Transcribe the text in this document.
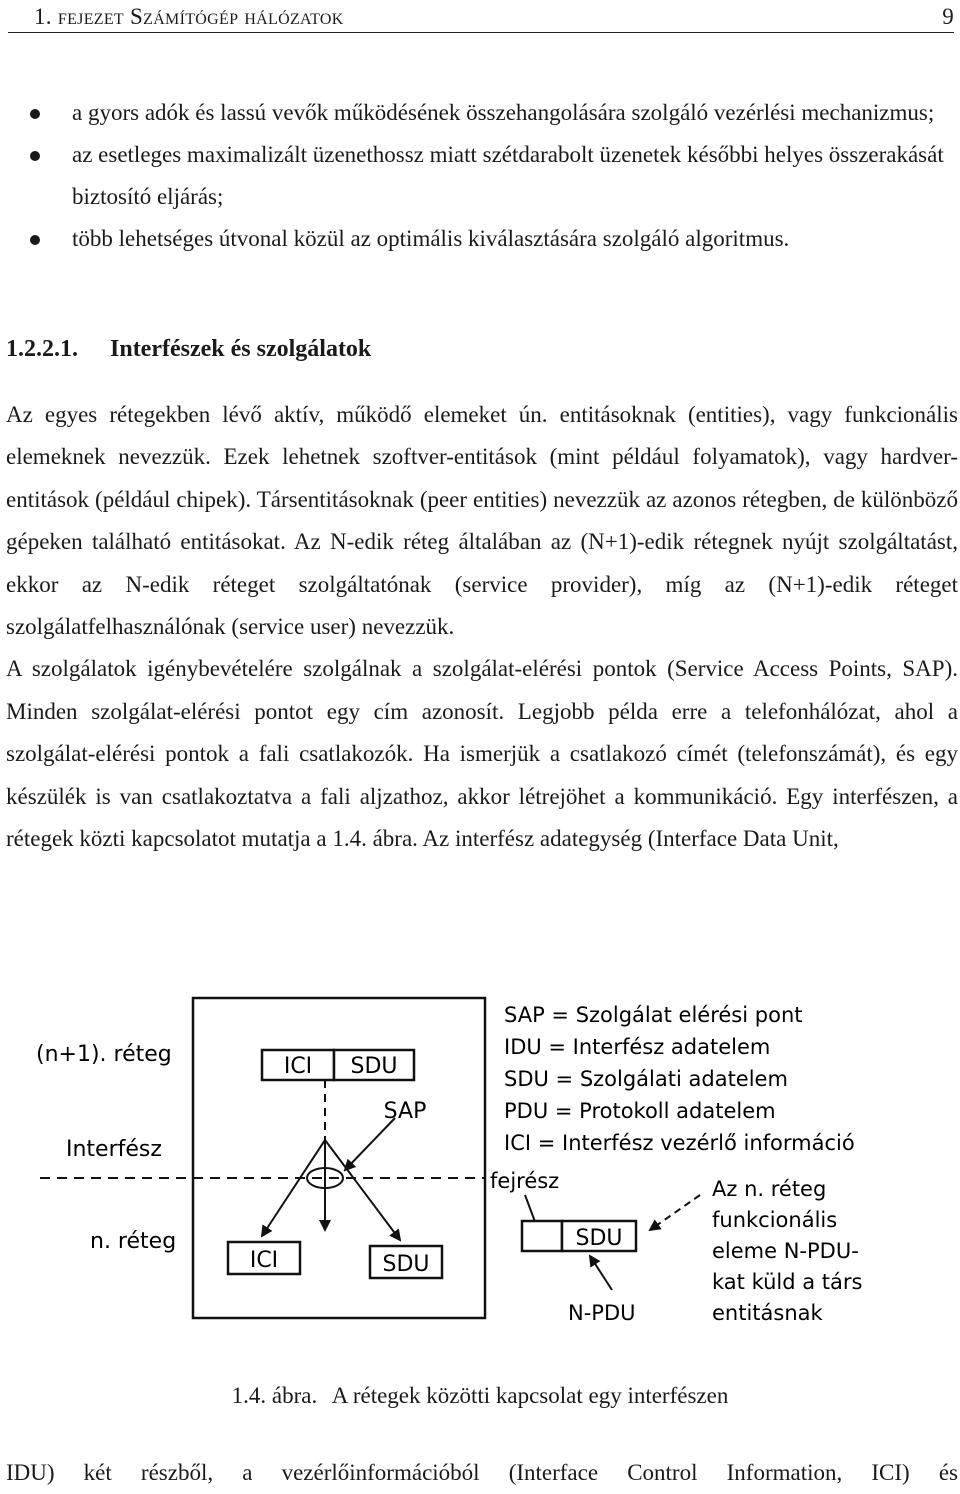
1. fejezet Számítógép hálózatok	9
a gyors adók és lassú vevők működésének összehangolására szolgáló vezérlési mechanizmus;
az esetleges maximalizált üzenethossz miatt szétdarabolt üzenetek későbbi helyes összerakását biztosító eljárás;
több lehetséges útvonal közül az optimális kiválasztására szolgáló algoritmus.
1.2.2.1. Interfészek és szolgálatok

Az egyes rétegekben lévő aktív, működő elemeket ún. entitásoknak (entities), vagy funkcionális elemeknek nevezzük. Ezek lehetnek szoftver-entitások (mint például folyamatok), vagy hardver-entitások (például chipek). Társentitásoknak (peer entities) nevezzük az azonos rétegben, de különböző gépeken található entitásokat. Az N-edik réteg általában az (N+1)-edik rétegnek nyújt szolgáltatást, ekkor az N-edik réteget szolgáltatónak (service provider), míg az (N+1)-edik réteget szolgálatfelhasználónak (service user) nevezzük.

A szolgálatok igénybevételére szolgálnak a szolgálat-elérési pontok (Service Access Points, SAP). Minden szolgálat-elérési pontot egy cím azonosít. Legjobb példa erre a telefonhálózat, ahol a szolgálat-elérési pontok a fali csatlakozók. Ha ismerjük a csatlakozó címét (telefonszámát), és egy készülék is van csatlakoztatva a fali aljzathoz, akkor létrejöhet a kommunikáció. Egy interfészen, a rétegek közti kapcsolatot mutatja a 1.4. ábra. Az interfész adategység (Interface Data Unit,

(n+1). réteg
Interfész
n. réteg
ICI SDU
SAP
ICI	SDU
SAP = Szolgálat elérési pont
IDU = Interfész adatelem
SDU = Szolgálati adatelem
PDU = Protokoll adatelem
ICI = Interfész vezérlő információ
fejrész
SDU
N-PDU
Az n. réteg
funkcionális
eleme N-PDU-
kat küld a társ
entitásnak
1.4. ábra. A rétegek közötti kapcsolat egy interfészen
IDU) két részből, a vezérlőinformációból (Interface Control Information, ICI) és
